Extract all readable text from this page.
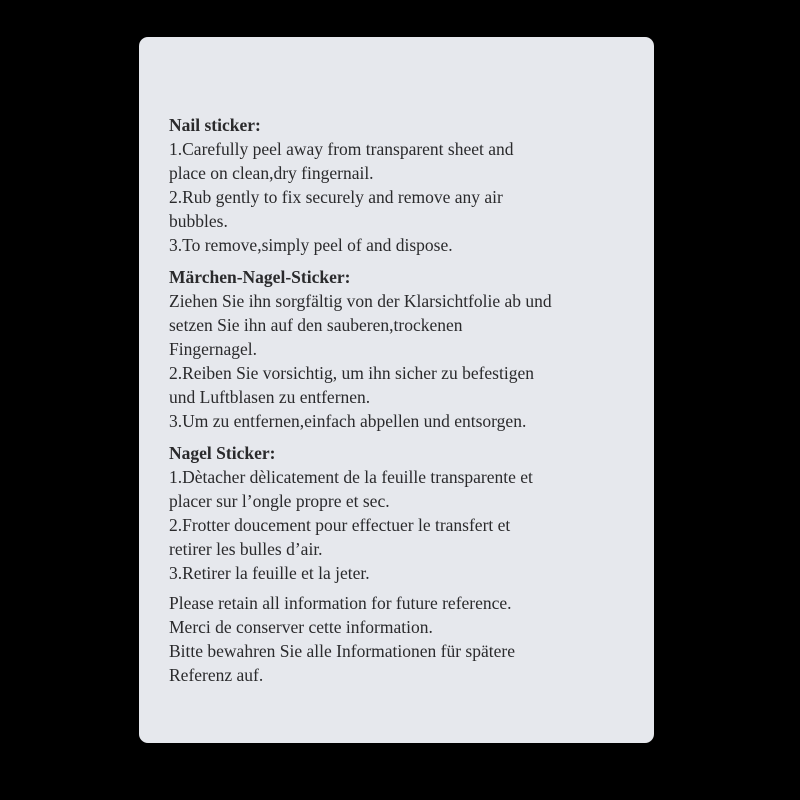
Nail sticker:
1.Carefully peel away from transparent sheet and
place on clean,dry fingernail.
2.Rub gently to fix securely and remove any air
bubbles.
3.To remove,simply peel of and dispose.
Märchen-Nagel-Sticker:
Ziehen Sie ihn sorgfältig von der Klarsichtfolie ab und
setzen Sie ihn auf den sauberen,trockenen
Fingernagel.
2.Reiben Sie vorsichtig, um ihn sicher zu befestigen
und Luftblasen zu entfernen.
3.Um zu entfernen,einfach abpellen und entsorgen.
Nagel Sticker:
1.Dètacher dèlicatement de la feuille transparente et
placer sur l’ongle propre et sec.
2.Frotter doucement pour effectuer le transfert et
retirer les bulles d’air.
3.Retirer la feuille et la jeter.
Please retain all information for future reference.
Merci de conserver cette information.
Bitte bewahren Sie alle Informationen für spätere
Referenz auf.
